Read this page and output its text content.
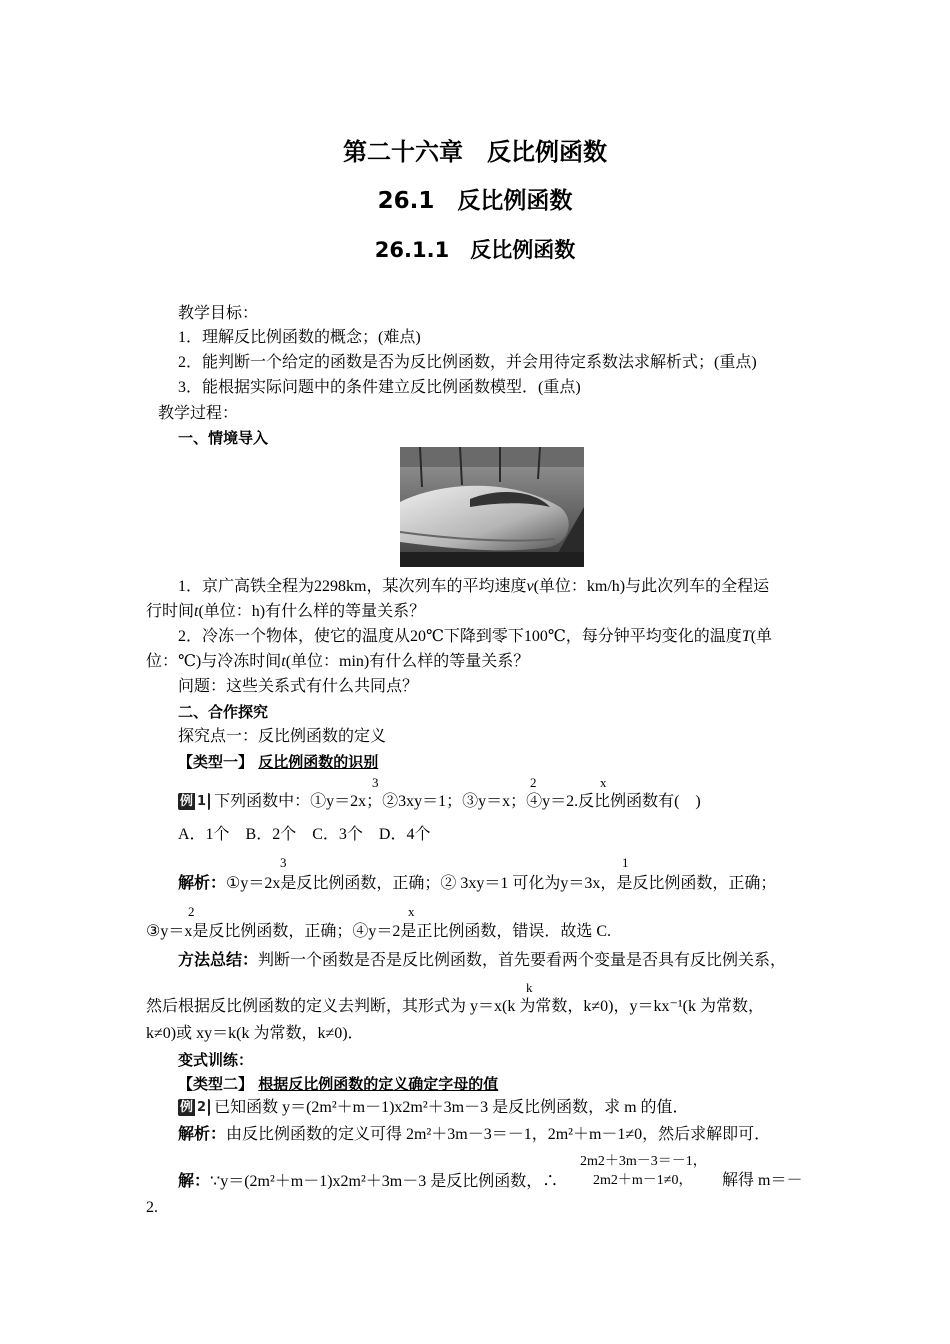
第二十六章　反比例函数
26.1　反比例函数
26.1.1　反比例函数
教学目标：
1．理解反比例函数的概念；(难点)
2．能判断一个给定的函数是否为反比例函数，并会用待定系数法求解析式；(重点)
3．能根据实际问题中的条件建立反比例函数模型．(重点)
教学过程：
一、情境导入
1．京广高铁全程为2298km，某次列车的平均速度v(单位：km/h)与此次列车的全程运
行时间t(单位：h)有什么样的等量关系？
2．冷冻一个物体，使它的温度从20℃下降到零下100℃，每分钟平均变化的温度T(单
位：℃)与冷冻时间t(单位：min)有什么样的等量关系？
问题：这些关系式有什么共同点？
二、合作探究
探究点一：反比例函数的定义
【类型一】 反比例函数的识别
3	2	x
例 1 下列函数中：①y＝2x；②3xy＝1；③y＝x；④y＝2.反比例函数有(　)
A．1个　B．2个　C．3个　D．4个
3	1
解析：①y＝2x是反比例函数，正确；② 3xy＝1 可化为y＝3x，是反比例函数，正确；
2	x
③y＝x是反比例函数，正确；④y＝2是正比例函数，错误．故选 C.
方法总结：判断一个函数是否是反比例函数，首先要看两个变量是否具有反比例关系，
k
然后根据反比例函数的定义去判断，其形式为 y＝x(k 为常数，k≠0)，y＝kx⁻¹(k 为常数，
k≠0)或 xy＝k(k 为常数，k≠0)．
变式训练：
【类型二】 根据反比例函数的定义确定字母的值
例 2 已知函数 y＝(2m²＋m－1)x2m²＋3m－3 是反比例函数，求 m 的值．
解析：由反比例函数的定义可得 2m²＋3m－3＝－1，2m²＋m－1≠0，然后求解即可．
2m2＋3m－3＝－1，
解：∵y＝(2m²＋m－1)x2m²＋3m－3 是反比例函数，∴ 2m2＋m－1≠0， 解得 m＝－
2.
